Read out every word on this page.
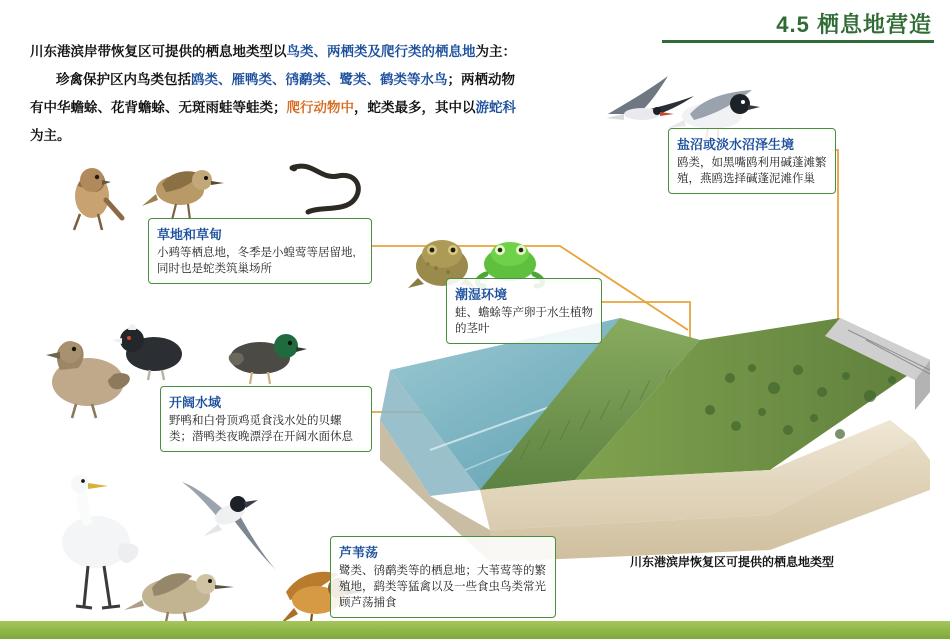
4.5 栖息地营造
川东港滨岸带恢复区可提供的栖息地类型以鸟类、两栖类及爬行类的栖息地为主：
珍禽保护区内鸟类包括鸥类、雁鸭类、鸻鹬类、鹭类、鹤类等水鸟；两栖动物
有中华蟾蜍、花背蟾蜍、无斑雨蛙等蛙类；爬行动物中，蛇类最多，其中以游蛇科
为主。
川东港滨岸恢复区可提供的栖息地类型
盐沼或淡水沼泽生境
鸥类，如黑嘴鸥利用碱蓬滩繁殖，燕鸥选择碱蓬泥滩作巢
草地和草甸
小鹀等栖息地，冬季是小蝗莺等居留地,同时也是蛇类筑巢场所
潮湿环境
蛙、蟾蜍等产卵于水生植物的茎叶
开阔水域
野鸭和白骨顶鸡觅食浅水处的贝螺类；潜鸭类夜晚漂浮在开阔水面休息
芦苇荡
鹭类、鸻鹬类等的栖息地；大苇莺等的繁殖地，鹞类等猛禽以及一些食虫鸟类常光顾芦荡捕食
